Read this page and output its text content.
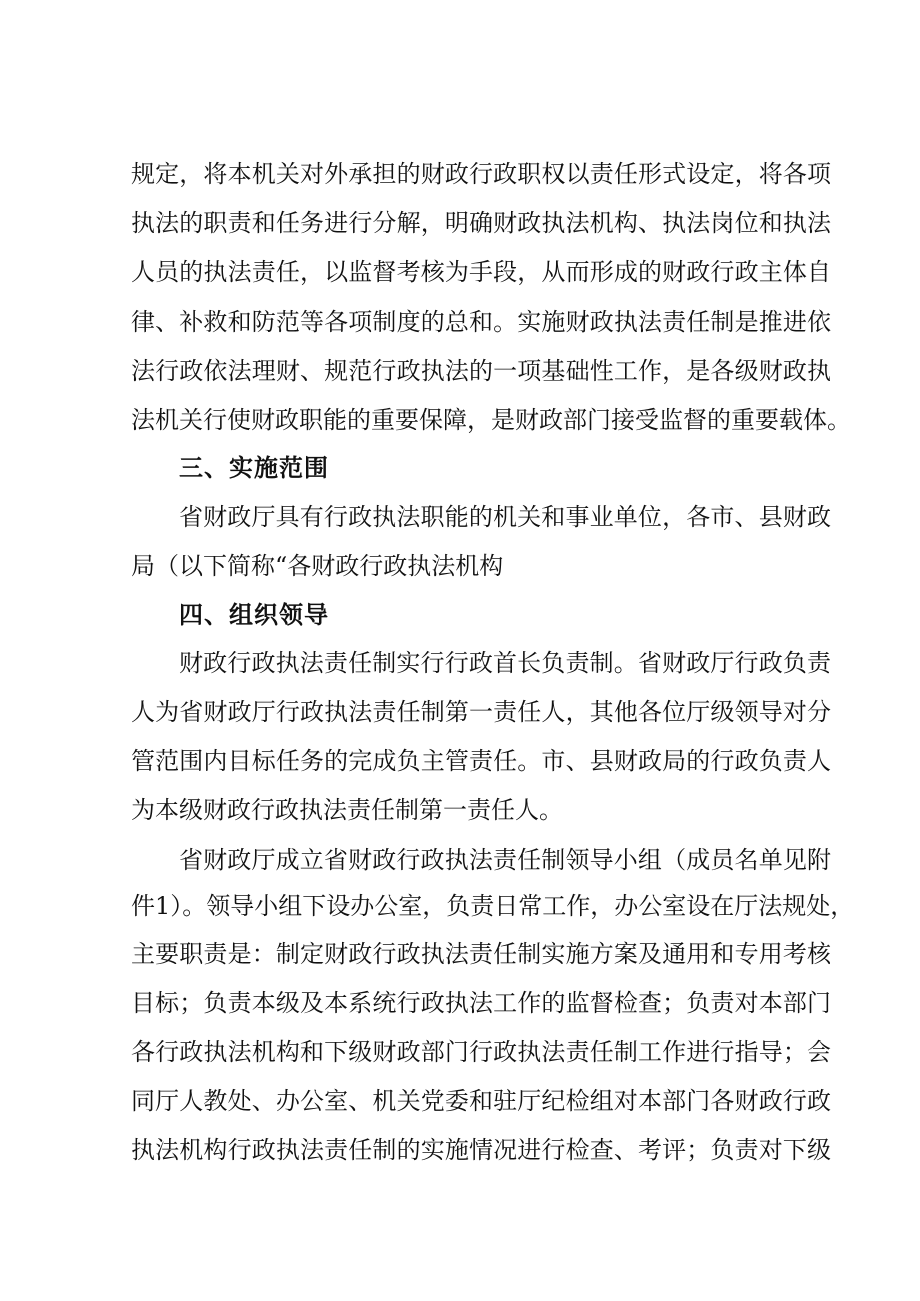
规定，将本机关对外承担的财政行政职权以责任形式设定，将各项
执法的职责和任务进行分解，明确财政执法机构、执法岗位和执法
人员的执法责任，以监督考核为手段，从而形成的财政行政主体自
律、补救和防范等各项制度的总和。实施财政执法责任制是推进依
法行政依法理财、规范行政执法的一项基础性工作，是各级财政执
法机关行使财政职能的重要保障，是财政部门接受监督的重要载体。
三、实施范围
省财政厅具有行政执法职能的机关和事业单位，各市、县财政
局（以下简称“各财政行政执法机构
四、组织领导
财政行政执法责任制实行行政首长负责制。省财政厅行政负责
人为省财政厅行政执法责任制第一责任人，其他各位厅级领导对分
管范围内目标任务的完成负主管责任。市、县财政局的行政负责人
为本级财政行政执法责任制第一责任人。
省财政厅成立省财政行政执法责任制领导小组（成员名单见附
件1）。领导小组下设办公室，负责日常工作，办公室设在厅法规处，
主要职责是：制定财政行政执法责任制实施方案及通用和专用考核
目标；负责本级及本系统行政执法工作的监督检查；负责对本部门
各行政执法机构和下级财政部门行政执法责任制工作进行指导；会
同厅人教处、办公室、机关党委和驻厅纪检组对本部门各财政行政
执法机构行政执法责任制的实施情况进行检查、考评；负责对下级
